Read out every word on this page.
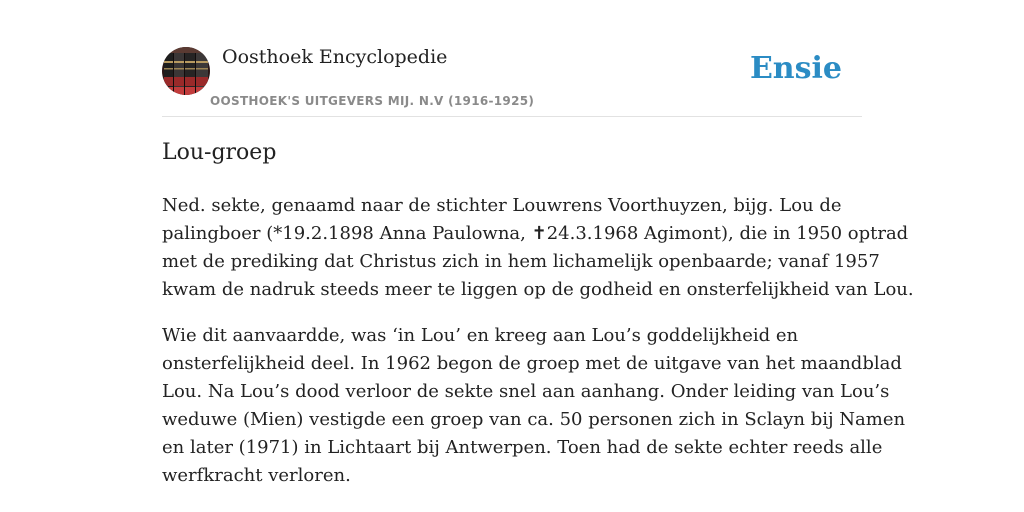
Oosthoek Encyclopedie
OOSTHOEK'S UITGEVERS MIJ. N.V (1916-1925)
Ensie
Lou-groep

Ned. sekte, genaamd naar de stichter Louwrens Voorthuyzen, bijg. Lou de
palingboer (*19.2.1898 Anna Paulowna, ✝24.3.1968 Agimont), die in 1950 optrad
met de prediking dat Christus zich in hem lichamelijk openbaarde; vanaf 1957
kwam de nadruk steeds meer te liggen op de godheid en onsterfelijkheid van Lou.

Wie dit aanvaardde, was ‘in Lou’ en kreeg aan Lou’s goddelijkheid en
onsterfelijkheid deel. In 1962 begon de groep met de uitgave van het maandblad
Lou. Na Lou’s dood verloor de sekte snel aan aanhang. Onder leiding van Lou’s
weduwe (Mien) vestigde een groep van ca. 50 personen zich in Sclayn bij Namen
en later (1971) in Lichtaart bij Antwerpen. Toen had de sekte echter reeds alle
werfkracht verloren.
